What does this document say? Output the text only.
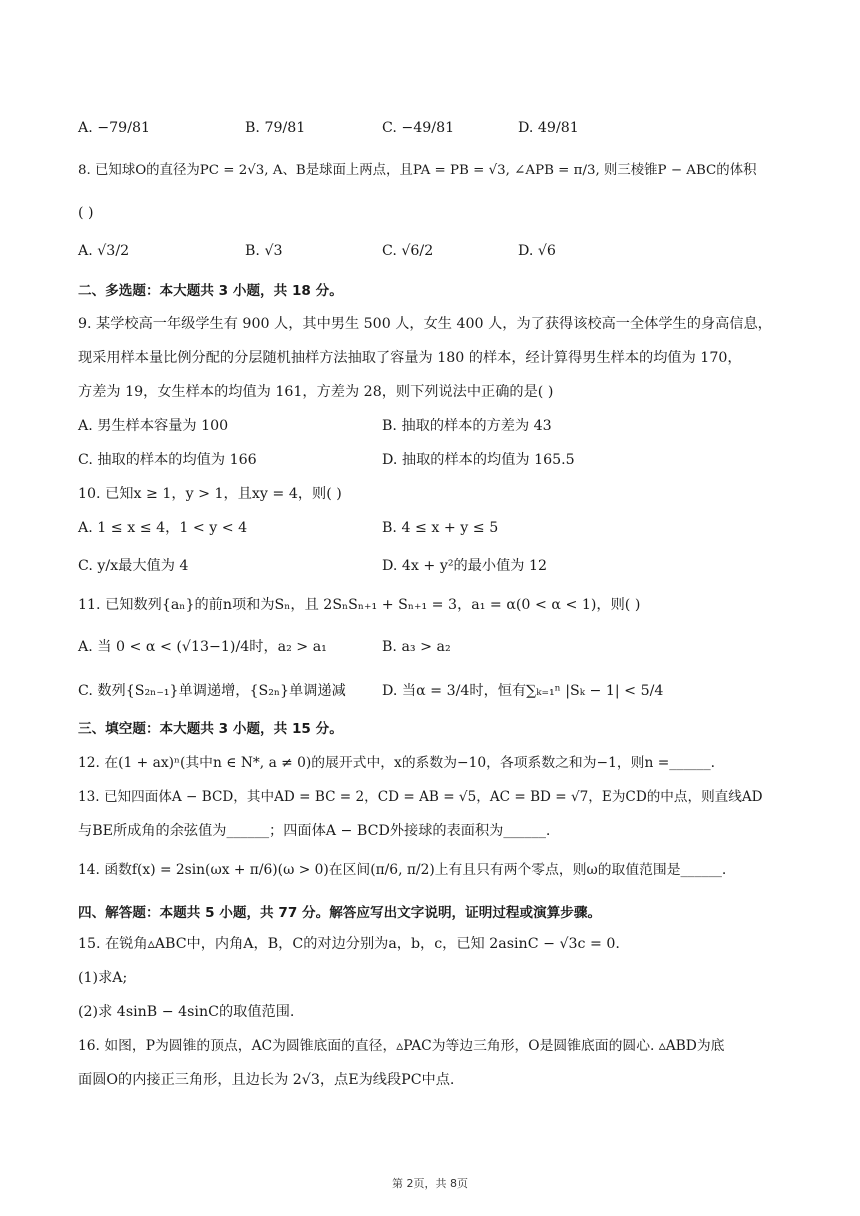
A. −79/81	B. 79/81	C. −49/81	D. 49/81
8. 已知球O的直径为PC = 2√3, A、B是球面上两点，且PA = PB = √3, ∠APB = π/3, 则三棱锥P − ABC的体积
( )
A. √3/2	B. √3	C. √6/2	D. √6
二、多选题：本大题共 3 小题，共 18 分。
9. 某学校高一年级学生有 900 人，其中男生 500 人，女生 400 人，为了获得该校高一全体学生的身高信息，
现采用样本量比例分配的分层随机抽样方法抽取了容量为 180 的样本，经计算得男生样本的均值为 170，
方差为 19，女生样本的均值为 161，方差为 28，则下列说法中正确的是( )
A. 男生样本容量为 100	B. 抽取的样本的方差为 43
C. 抽取的样本的均值为 166	D. 抽取的样本的均值为 165.5
10. 已知x ≥ 1，y > 1，且xy = 4，则( )
A. 1 ≤ x ≤ 4，1 < y < 4	B. 4 ≤ x + y ≤ 5
C. y/x最大值为 4	D. 4x + y²的最小值为 12
11. 已知数列{aₙ}的前n项和为Sₙ，且 2SₙSₙ₊₁ + Sₙ₊₁ = 3，a₁ = α(0 < α < 1)，则( )
A. 当 0 < α < (√13−1)/4时，a₂ > a₁	B. a₃ > a₂
C. 数列{S₂ₙ₋₁}单调递增，{S₂ₙ}单调递减	D. 当α = 3/4时，恒有∑ₖ₌₁ⁿ |Sₖ − 1| < 5/4
三、填空题：本大题共 3 小题，共 15 分。
12. 在(1 + ax)ⁿ(其中n ∈ N*, a ≠ 0)的展开式中，x的系数为−10，各项系数之和为−1，则n =______.
13. 已知四面体A − BCD，其中AD = BC = 2，CD = AB = √5，AC = BD = √7，E为CD的中点，则直线AD
与BE所成角的余弦值为______；四面体A − BCD外接球的表面积为______.
14. 函数f(x) = 2sin(ωx + π/6)(ω > 0)在区间(π/6, π/2)上有且只有两个零点，则ω的取值范围是______.
四、解答题：本题共 5 小题，共 77 分。解答应写出文字说明，证明过程或演算步骤。
15. 在锐角▵ABC中，内角A，B，C的对边分别为a，b，c，已知 2asinC − √3c = 0.
(1)求A;
(2)求 4sinB − 4sinC的取值范围.
16. 如图，P为圆锥的顶点，AC为圆锥底面的直径，▵PAC为等边三角形，O是圆锥底面的圆心. ▵ABD为底
面圆O的内接正三角形，且边长为 2√3，点E为线段PC中点.
第 2页，共 8页
